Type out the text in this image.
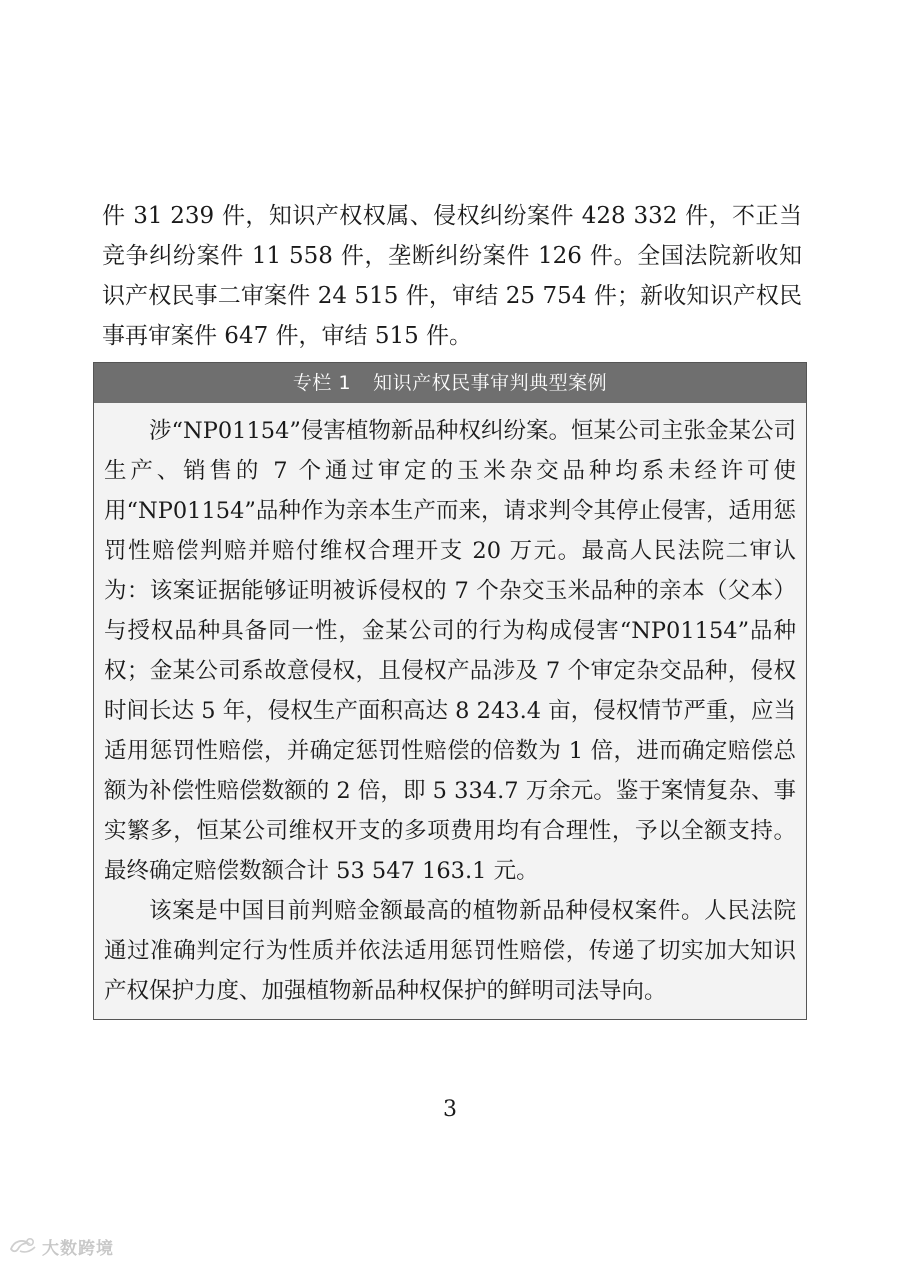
件 31 239 件，知识产权权属、侵权纠纷案件 428 332 件，不正当竞争纠纷案件 11 558 件，垄断纠纷案件 126 件。全国法院新收知识产权民事二审案件 24 515 件，审结 25 754 件；新收知识产权民事再审案件 647 件，审结 515 件。

专栏 1 知识产权民事审判典型案例

涉“NP01154”侵害植物新品种权纠纷案。恒某公司主张金某公司生产、销售的 7 个通过审定的玉米杂交品种均系未经许可使用“NP01154”品种作为亲本生产而来，请求判令其停止侵害，适用惩罚性赔偿判赔并赔付维权合理开支 20 万元。最高人民法院二审认为：该案证据能够证明被诉侵权的 7 个杂交玉米品种的亲本（父本）与授权品种具备同一性，金某公司的行为构成侵害“NP01154”品种权；金某公司系故意侵权，且侵权产品涉及 7 个审定杂交品种，侵权时间长达 5 年，侵权生产面积高达 8 243.4 亩，侵权情节严重，应当适用惩罚性赔偿，并确定惩罚性赔偿的倍数为 1 倍，进而确定赔偿总额为补偿性赔偿数额的 2 倍，即 5 334.7 万余元。鉴于案情复杂、事实繁多，恒某公司维权开支的多项费用均有合理性，予以全额支持。最终确定赔偿数额合计 53 547 163.1 元。

该案是中国目前判赔金额最高的植物新品种侵权案件。人民法院通过准确判定行为性质并依法适用惩罚性赔偿，传递了切实加大知识产权保护力度、加强植物新品种权保护的鲜明司法导向。

3
大数跨境
